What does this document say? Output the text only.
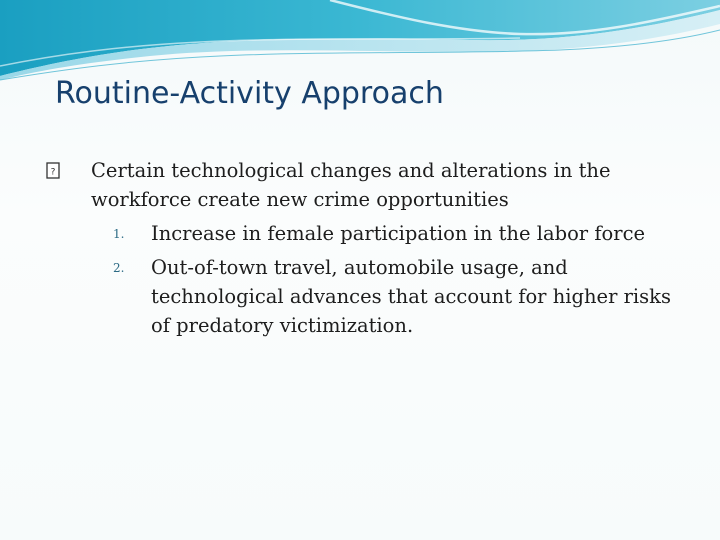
Routine-Activity Approach
? Certain technological changes and alterations in the workforce create new crime opportunities
1. Increase in female participation in the labor force
2. Out-of-town travel, automobile usage, and technological advances that account for higher risks of predatory victimization.
